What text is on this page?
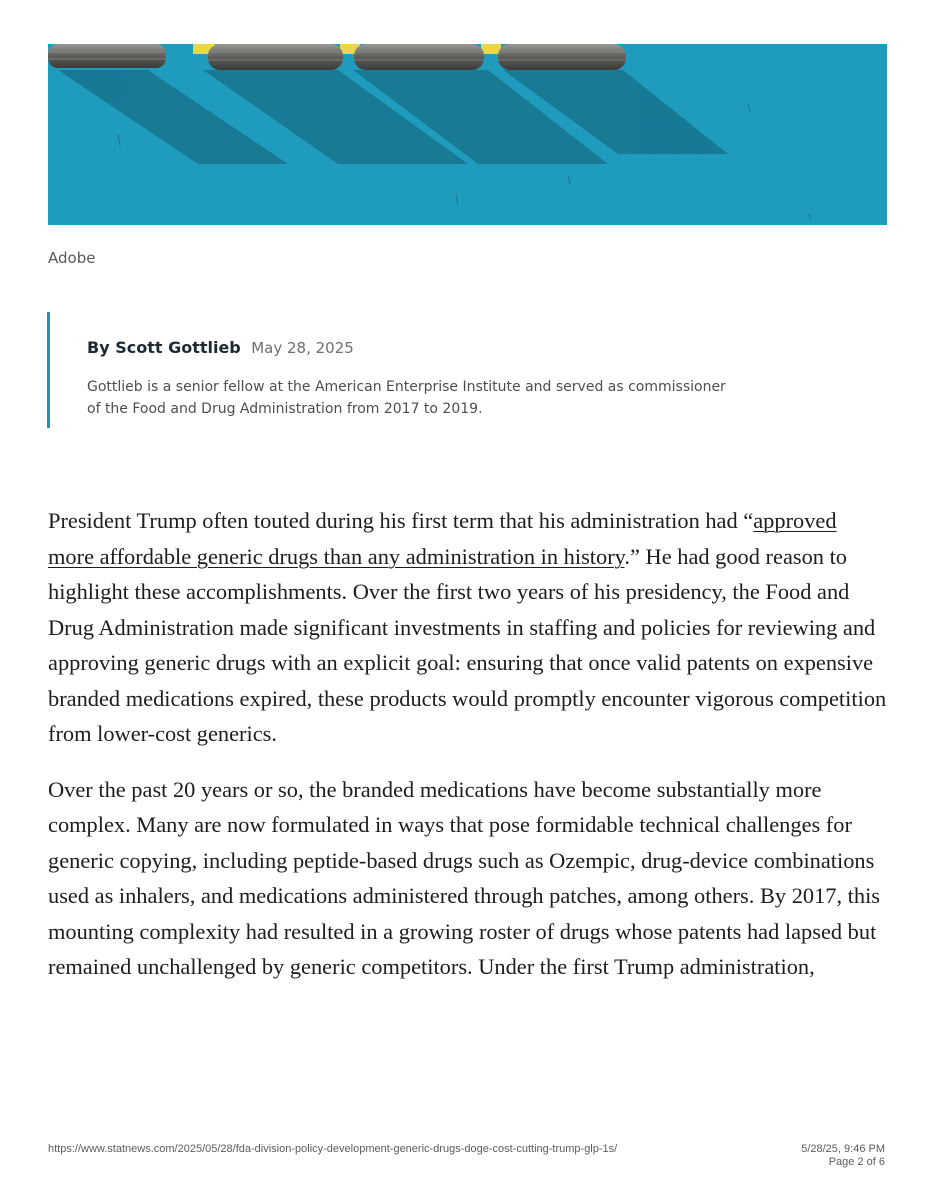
Adobe
By Scott Gottlieb May 28, 2025
Gottlieb is a senior fellow at the American Enterprise Institute and served as commissioner of the Food and Drug Administration from 2017 to 2019.

President Trump often touted during his first term that his administration had “approved more affordable generic drugs than any administration in history.” He had good reason to highlight these accomplishments. Over the first two years of his presidency, the Food and Drug Administration made significant investments in staffing and policies for reviewing and approving generic drugs with an explicit goal: ensuring that once valid patents on expensive branded medications expired, these products would promptly encounter vigorous competition from lower-cost generics.

Over the past 20 years or so, the branded medications have become substantially more complex. Many are now formulated in ways that pose formidable technical challenges for generic copying, including peptide-based drugs such as Ozempic, drug-device combinations used as inhalers, and medications administered through patches, among others. By 2017, this mounting complexity had resulted in a growing roster of drugs whose patents had lapsed but remained unchallenged by generic competitors. Under the first Trump administration,

https://www.statnews.com/2025/05/28/fda-division-policy-development-generic-drugs-doge-cost-cutting-trump-glp-1s/	5/28/25, 9:46 PM
Page 2 of 6
